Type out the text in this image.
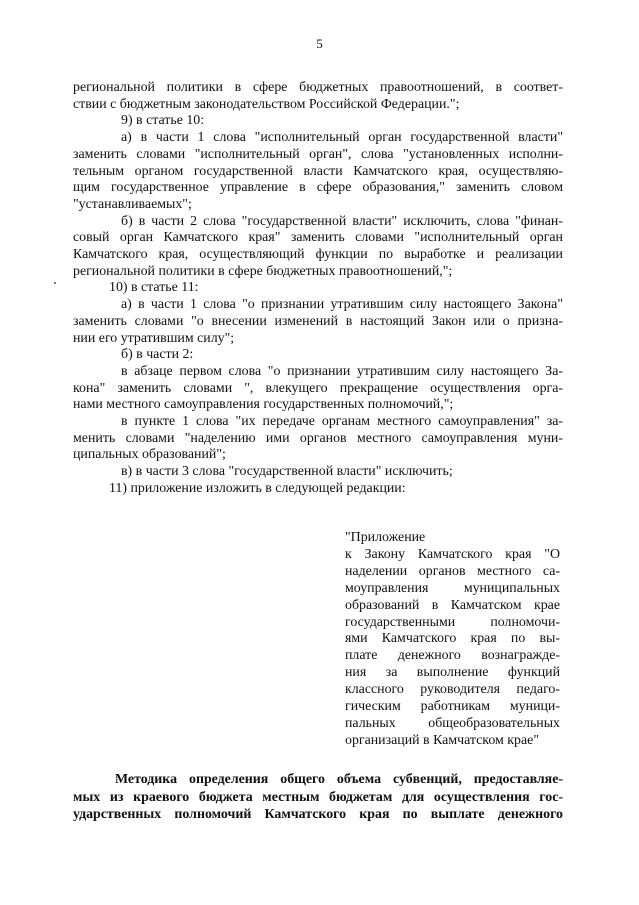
5
региональной политики в сфере бюджетных правоотношений, в соответ-
ствии с бюджетным законодательством Российской Федерации.";
9) в статье 10:
а) в части 1 слова "исполнительный орган государственной власти"
заменить словами "исполнительный орган", слова "установленных исполни-
тельным органом государственной власти Камчатского края, осуществляю-
щим государственное управление в сфере образования," заменить словом
"устанавливаемых";
б) в части 2 слова "государственной власти" исключить, слова "финан-
совый орган Камчатского края" заменить словами "исполнительный орган
Камчатского края, осуществляющий функции по выработке и реализации
региональной политики в сфере бюджетных правоотношений,";
10) в статье 11:
а) в части 1 слова "о признании утратившим силу настоящего Закона"
заменить словами "о внесении изменений в настоящий Закон или о призна-
нии его утратившим силу";
б) в части 2:
в абзаце первом слова "о признании утратившим силу настоящего За-
кона" заменить словами ", влекущего прекращение осуществления орга-
нами местного самоуправления государственных полномочий,";
в пункте 1 слова "их передаче органам местного самоуправления" за-
менить словами "наделению ими органов местного самоуправления муни-
ципальных образований";
в) в части 3 слова "государственной власти" исключить;
11) приложение изложить в следующей редакции:
"Приложение
к Закону Камчатского края "О
наделении органов местного са-
моуправления муниципальных
образований в Камчатском крае
государственными полномочи-
ями Камчатского края по вы-
плате денежного вознагражде-
ния за выполнение функций
классного руководителя педаго-
гическим работникам муници-
пальных общеобразовательных
организаций в Камчатском крае"
Методика определения общего объема субвенций, предоставляе-
мых из краевого бюджета местным бюджетам для осуществления гос-
ударственных полномочий Камчатского края по выплате денежного
